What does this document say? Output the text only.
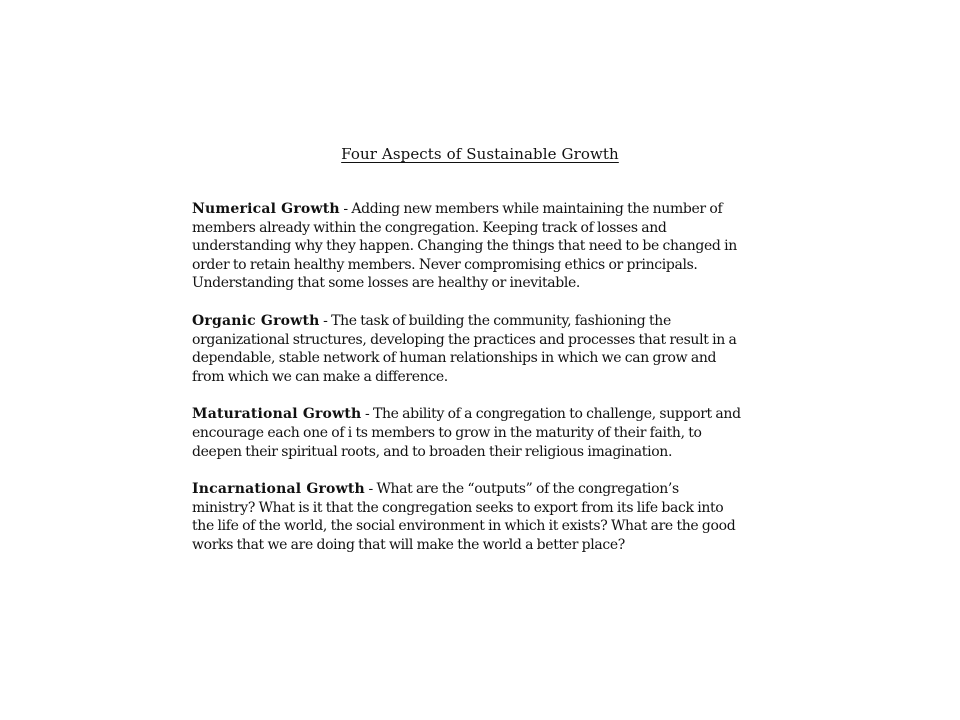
Four Aspects of Sustainable Growth
Numerical Growth - Adding new members while maintaining the number of
members already within the congregation. Keeping track of losses and
understanding why they happen. Changing the things that need to be changed in
order to retain healthy members. Never compromising ethics or principals.
Understanding that some losses are healthy or inevitable.
Organic Growth - The task of building the community, fashioning the
organizational structures, developing the practices and processes that result in a
dependable, stable network of human relationships in which we can grow and
from which we can make a difference.
Maturational Growth - The ability of a congregation to challenge, support and
encourage each one of i ts members to grow in the maturity of their faith, to
deepen their spiritual roots, and to broaden their religious imagination.
Incarnational Growth - What are the “outputs” of the congregation’s
ministry? What is it that the congregation seeks to export from its life back into
the life of the world, the social environment in which it exists? What are the good
works that we are doing that will make the world a better place?
